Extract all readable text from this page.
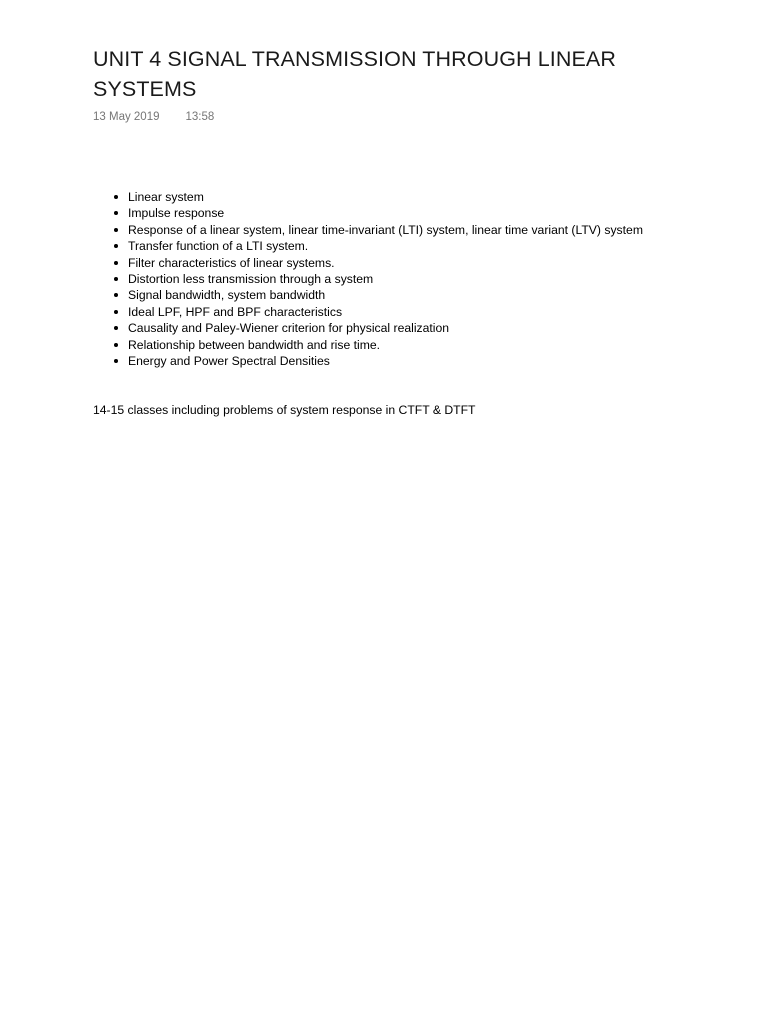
UNIT 4 SIGNAL TRANSMISSION THROUGH LINEAR SYSTEMS
13 May 2019 13:58
Linear system
Impulse response
Response of a linear system, linear time-invariant (LTI) system, linear time variant (LTV) system
Transfer function of a LTI system.
Filter characteristics of linear systems.
Distortion less transmission through a system
Signal bandwidth, system bandwidth
Ideal LPF, HPF and BPF characteristics
Causality and Paley-Wiener criterion for physical realization
Relationship between bandwidth and rise time.
Energy and Power Spectral Densities

14-15 classes including problems of system response in CTFT & DTFT
